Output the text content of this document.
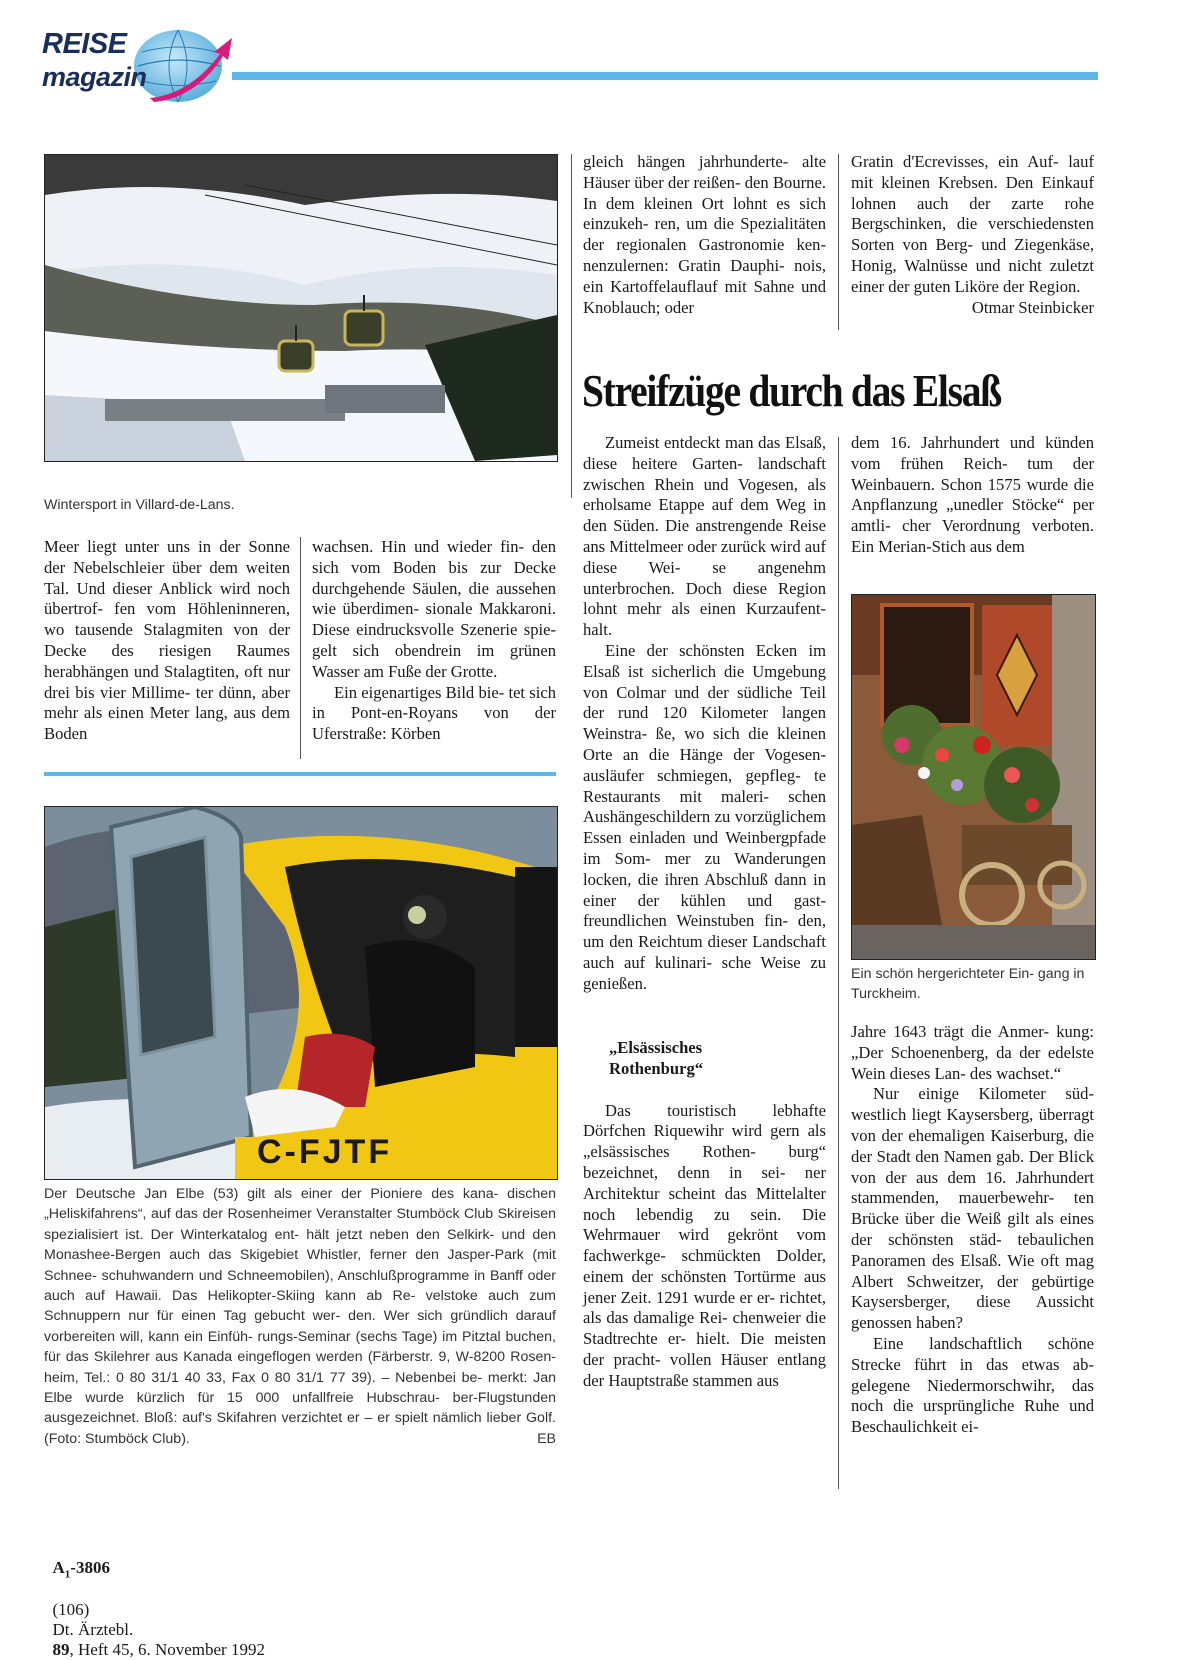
REISE
magazin
Wintersport in Villard-de-Lans.

Meer liegt unter uns in der Sonne der Nebelschleier über dem weiten Tal. Und dieser Anblick wird noch übertrof- fen vom Höhleninneren, wo tausende Stalagmiten von der Decke des riesigen Raumes herabhängen und Stalagtiten, oft nur drei bis vier Millime- ter dünn, aber mehr als einen Meter lang, aus dem Boden

wachsen. Hin und wieder fin- den sich vom Boden bis zur Decke durchgehende Säulen, die aussehen wie überdimen- sionale Makkaroni. Diese eindrucksvolle Szenerie spie- gelt sich obendrein im grünen Wasser am Fuße der Grotte.

Ein eigenartiges Bild bie- tet sich in Pont-en-Royans von der Uferstraße: Körben

C-FJTF
Der Deutsche Jan Elbe (53) gilt als einer der Pioniere des kana- dischen „Heliskifahrens“, auf das der Rosenheimer Veranstalter Stumböck Club Skireisen spezialisiert ist. Der Winterkatalog ent- hält jetzt neben den Selkirk- und den Monashee-Bergen auch das Skigebiet Whistler, ferner den Jasper-Park (mit Schnee- schuhwandern und Schneemobilen), Anschlußprogramme in Banff oder auch auf Hawaii. Das Helikopter-Skiing kann ab Re- velstoke auch zum Schnuppern nur für einen Tag gebucht wer- den. Wer sich gründlich darauf vorbereiten will, kann ein Einfüh- rungs-Seminar (sechs Tage) im Pitztal buchen, für das Skilehrer aus Kanada eingeflogen werden (Färberstr. 9, W-8200 Rosen- heim, Tel.: 0 80 31/1 40 33, Fax 0 80 31/1 77 39). – Nebenbei be- merkt: Jan Elbe wurde kürzlich für 15 000 unfallfreie Hubschrau- ber-Flugstunden ausgezeichnet. Bloß: auf's Skifahren verzichtet er – er spielt nämlich lieber Golf. (Foto: Stumböck Club).	EB

gleich hängen jahrhunderte- alte Häuser über der reißen- den Bourne. In dem kleinen Ort lohnt es sich einzukeh- ren, um die Spezialitäten der regionalen Gastronomie ken- nenzulernen: Gratin Dauphi- nois, ein Kartoffelauflauf mit Sahne und Knoblauch; oder

Gratin d'Ecrevisses, ein Auf- lauf mit kleinen Krebsen. Den Einkauf lohnen auch der zarte rohe Bergschinken, die verschiedensten Sorten von Berg- und Ziegenkäse, Honig, Walnüsse und nicht zuletzt einer der guten Liköre der Region.
Otmar Steinbicker

Streifzüge durch das Elsaß

Zumeist entdeckt man das Elsaß, diese heitere Garten- landschaft zwischen Rhein und Vogesen, als erholsame Etappe auf dem Weg in den Süden. Die anstrengende Reise ans Mittelmeer oder zurück wird auf diese Wei- se angenehm unterbrochen. Doch diese Region lohnt mehr als einen Kurzaufent- halt.

Eine der schönsten Ecken im Elsaß ist sicherlich die Umgebung von Colmar und der südliche Teil der rund 120 Kilometer langen Weinstra- ße, wo sich die kleinen Orte an die Hänge der Vogesen- ausläufer schmiegen, gepfleg- te Restaurants mit maleri- schen Aushängeschildern zu vorzüglichem Essen einladen und Weinbergpfade im Som- mer zu Wanderungen locken, die ihren Abschluß dann in einer der kühlen und gast- freundlichen Weinstuben fin- den, um den Reichtum dieser Landschaft auch auf kulinari- sche Weise zu genießen.

„Elsässisches
Rothenburg“

Das touristisch lebhafte Dörfchen Riquewihr wird gern als „elsässisches Rothen- burg“ bezeichnet, denn in sei- ner Architektur scheint das Mittelalter noch lebendig zu sein. Die Wehrmauer wird gekrönt vom fachwerkge- schmückten Dolder, einem der schönsten Tortürme aus jener Zeit. 1291 wurde er er- richtet, als das damalige Rei- chenweier die Stadtrechte er- hielt. Die meisten der pracht- vollen Häuser entlang der Hauptstraße stammen aus

dem 16. Jahrhundert und künden vom frühen Reich- tum der Weinbauern. Schon 1575 wurde die Anpflanzung „unedler Stöcke“ per amtli- cher Verordnung verboten. Ein Merian-Stich aus dem

Ein schön hergerichteter Ein- gang in Turckheim.

Jahre 1643 trägt die Anmer- kung: „Der Schoenenberg, da der edelste Wein dieses Lan- des wachset.“

Nur einige Kilometer süd- westlich liegt Kaysersberg, überragt von der ehemaligen Kaiserburg, die der Stadt den Namen gab. Der Blick von der aus dem 16. Jahrhundert stammenden, mauerbewehr- ten Brücke über die Weiß gilt als eines der schönsten städ- tebaulichen Panoramen des Elsaß. Wie oft mag Albert Schweitzer, der gebürtige Kaysersberger, diese Aussicht genossen haben?

Eine landschaftlich schöne Strecke führt in das etwas ab- gelegene Niedermorschwihr, das noch die ursprüngliche Ruhe und Beschaulichkeit ei-

$A_1-3806$

(106)
Dt. Ärztebl.
89, Heft 45, 6. November 1992
